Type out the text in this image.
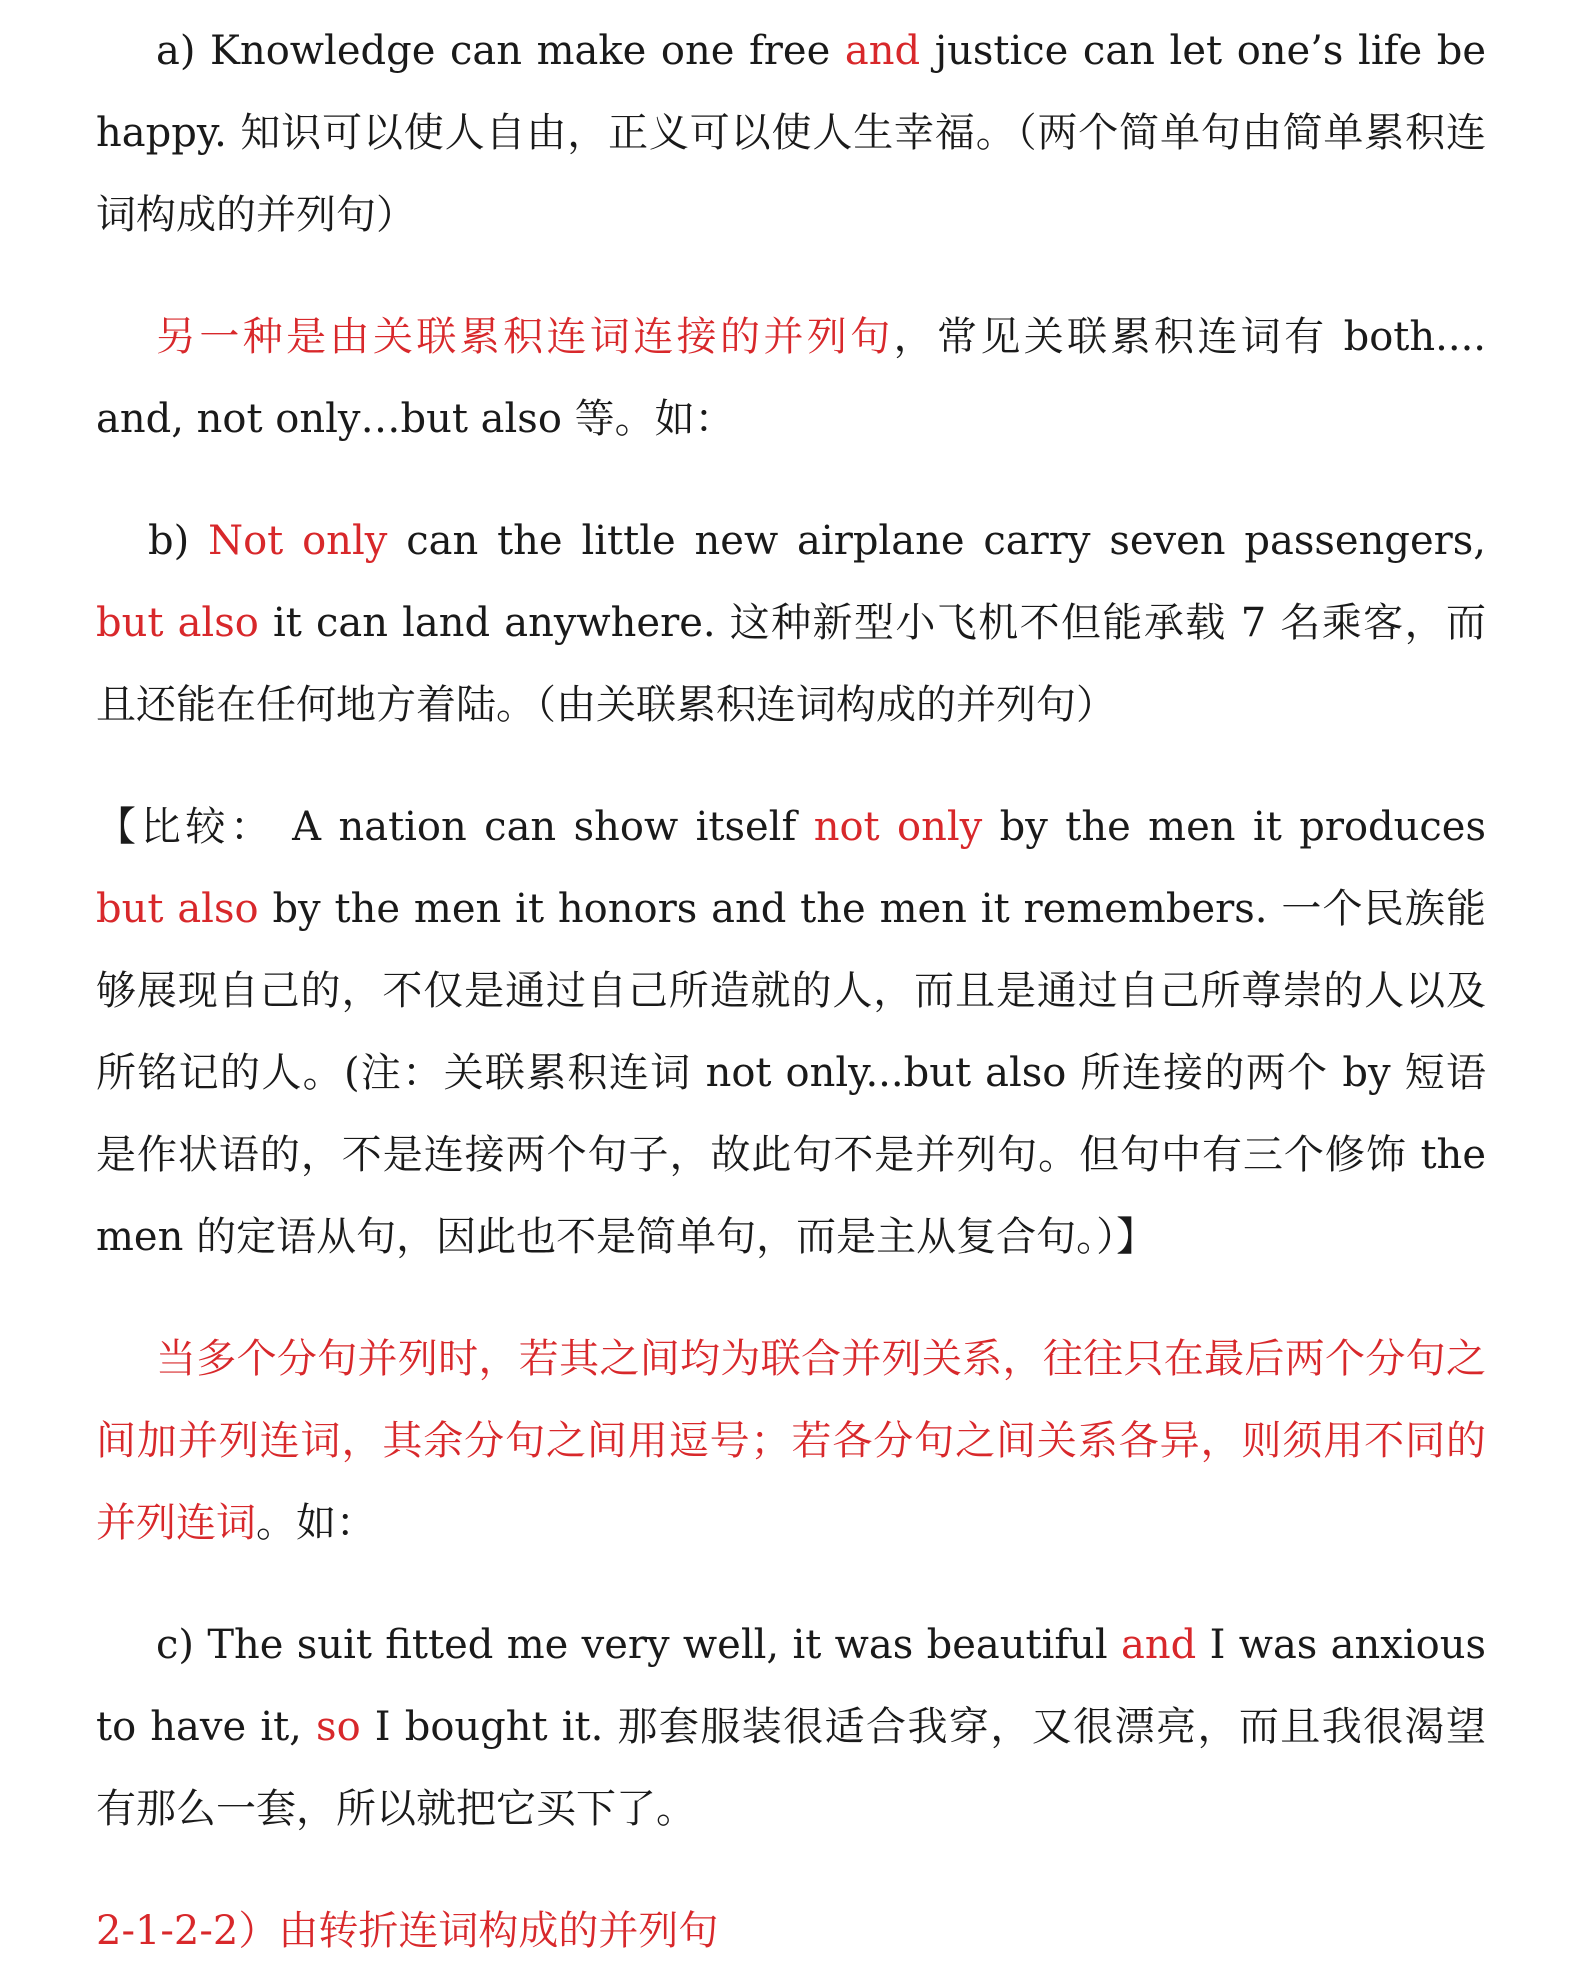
a) Knowledge can make one free and justice can let one’s life be happy. 知识可以使人自由，正义可以使人生幸福。（两个简单句由简单累积连词构成的并列句）

另一种是由关联累积连词连接的并列句，常见关联累积连词有 both.... and, not only…but also 等。如：

b) Not only can the little new airplane carry seven passengers, but also it can land anywhere. 这种新型小飞机不但能承载 7 名乘客，而且还能在任何地方着陆。（由关联累积连词构成的并列句）

【比较： A nation can show itself not only by the men it produces but also by the men it honors and the men it remembers. 一个民族能够展现自己的，不仅是通过自己所造就的人，而且是通过自己所尊崇的人以及所铭记的人。(注：关联累积连词 not only...but also 所连接的两个 by 短语是作状语的，不是连接两个句子，故此句不是并列句。但句中有三个修饰 the men 的定语从句，因此也不是简单句，而是主从复合句。）】

当多个分句并列时，若其之间均为联合并列关系，往往只在最后两个分句之间加并列连词，其余分句之间用逗号；若各分句之间关系各异，则须用不同的并列连词。如：

c) The suit fitted me very well, it was beautiful and I was anxious to have it, so I bought it. 那套服装很适合我穿，又很漂亮，而且我很渴望有那么一套，所以就把它买下了。

2-1-2-2）由转折连词构成的并列句
